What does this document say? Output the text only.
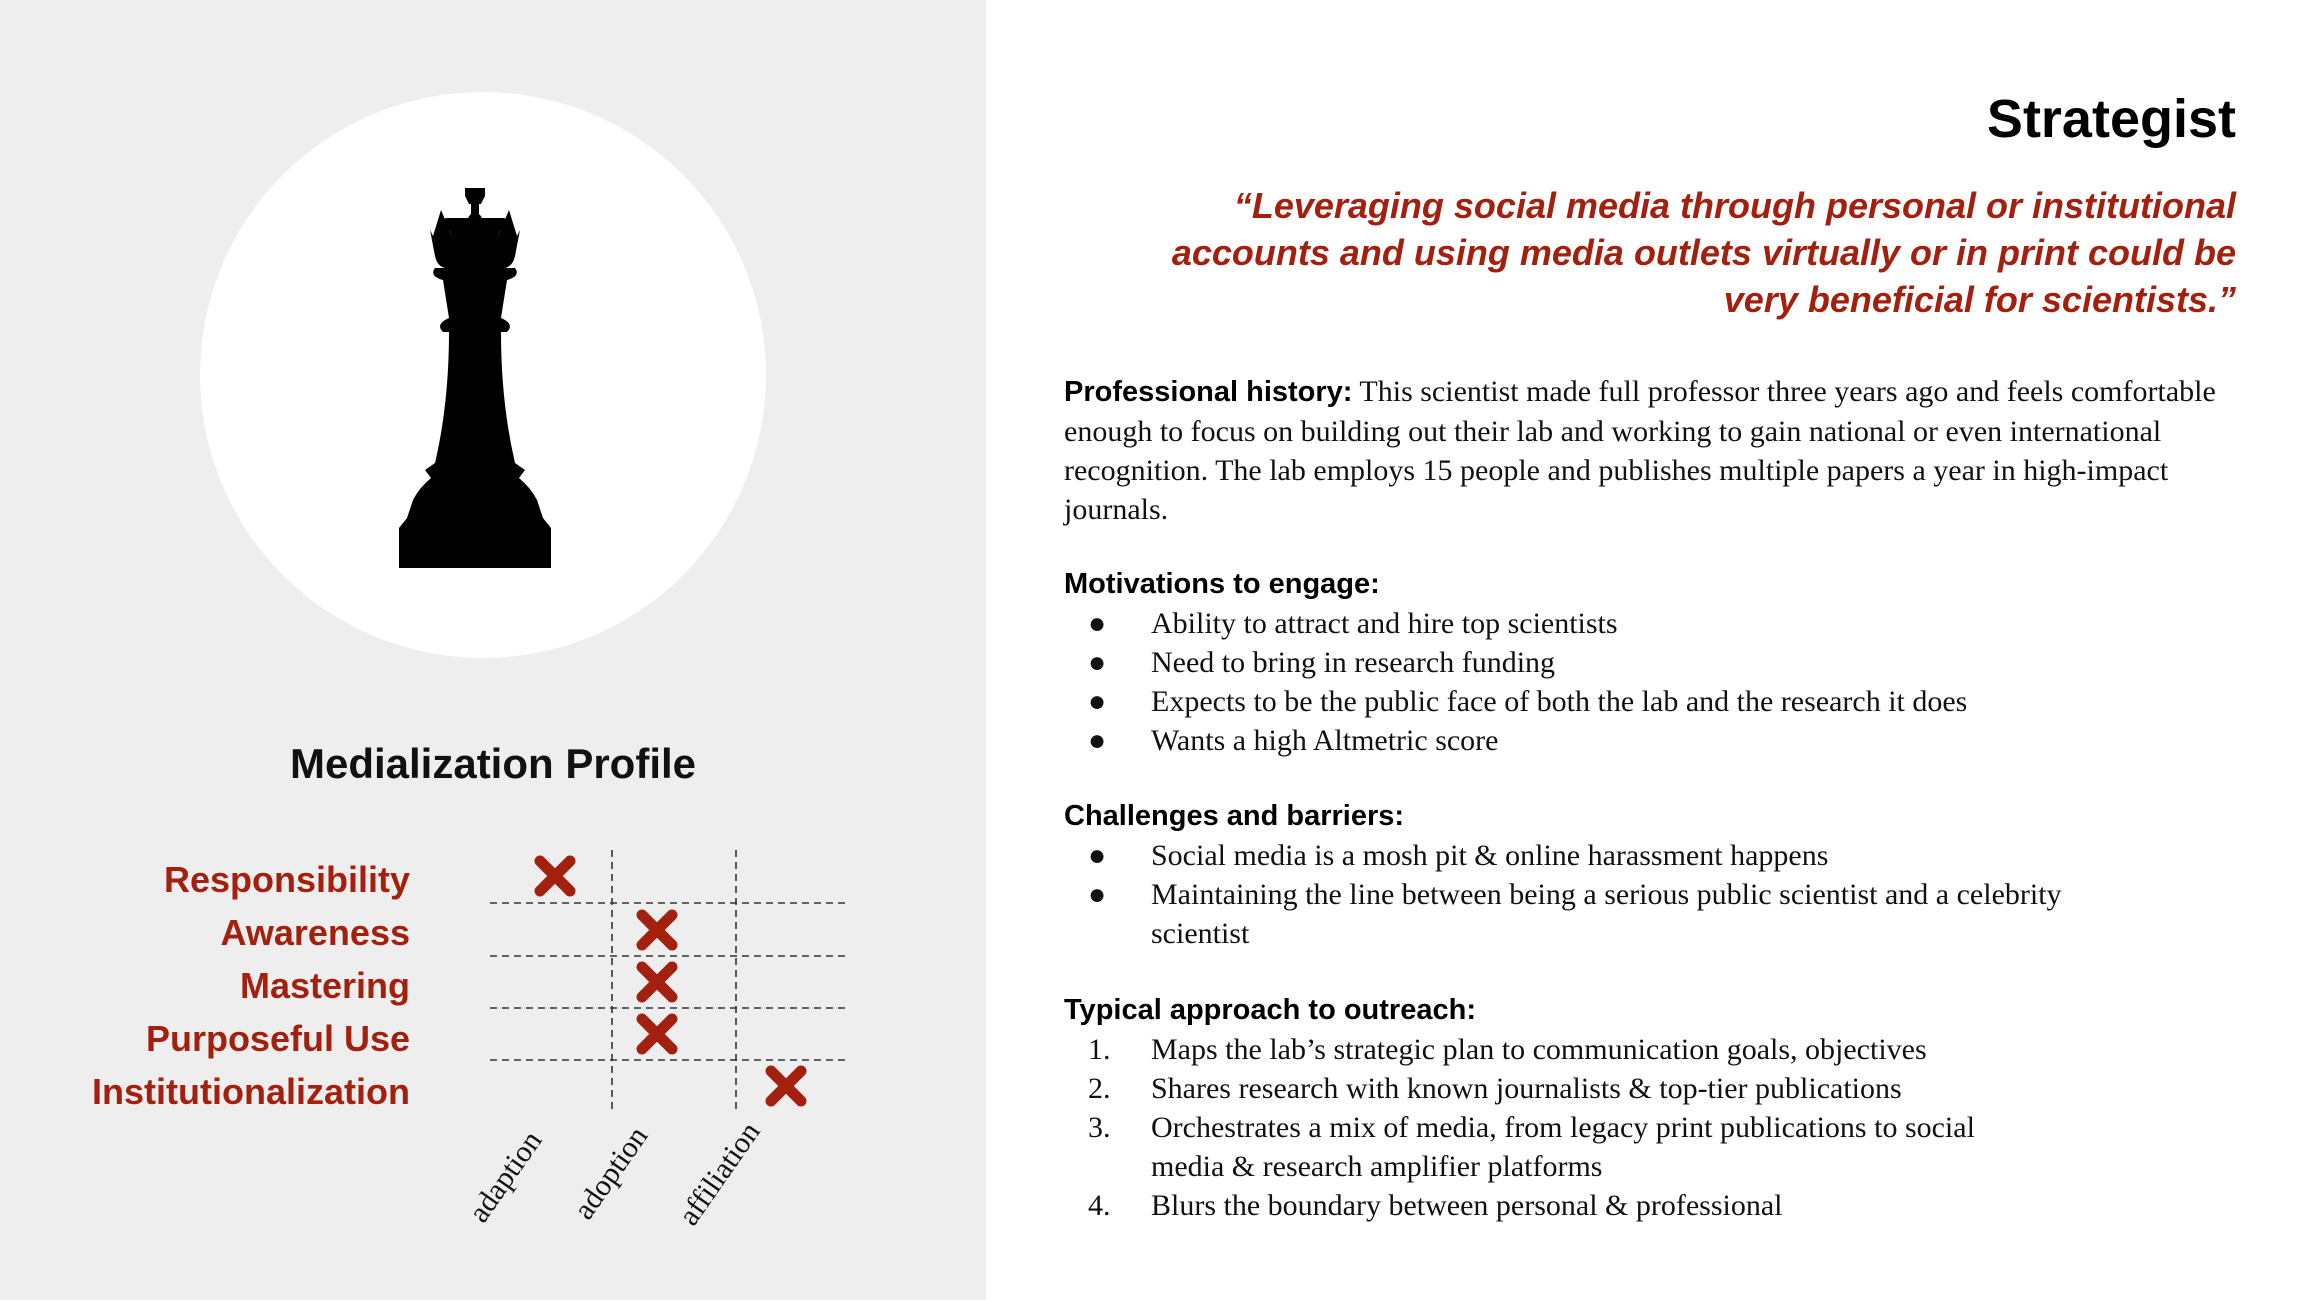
Medialization Profile
Responsibility
Awareness
Mastering
Purposeful Use
Institutionalization
adaption adoption affiliation
Strategist
“Leveraging social media through personal or institutional accounts and using media outlets virtually or in print could be very beneficial for scientists.”

Professional history: This scientist made full professor three years ago and feels comfortable enough to focus on building out their lab and working to gain national or even international recognition. The lab employs 15 people and publishes multiple papers a year in high-impact journals.

Motivations to engage:
● Ability to attract and hire top scientists
● Need to bring in research funding
● Expects to be the public face of both the lab and the research it does
● Wants a high Altmetric score
Challenges and barriers:
● Social media is a mosh pit & online harassment happens
● Maintaining the line between being a serious public scientist and a celebrity scientist
Typical approach to outreach:
1. Maps the lab’s strategic plan to communication goals, objectives
2. Shares research with known journalists & top-tier publications
3. Orchestrates a mix of media, from legacy print publications to social media & research amplifier platforms
4. Blurs the boundary between personal & professional
